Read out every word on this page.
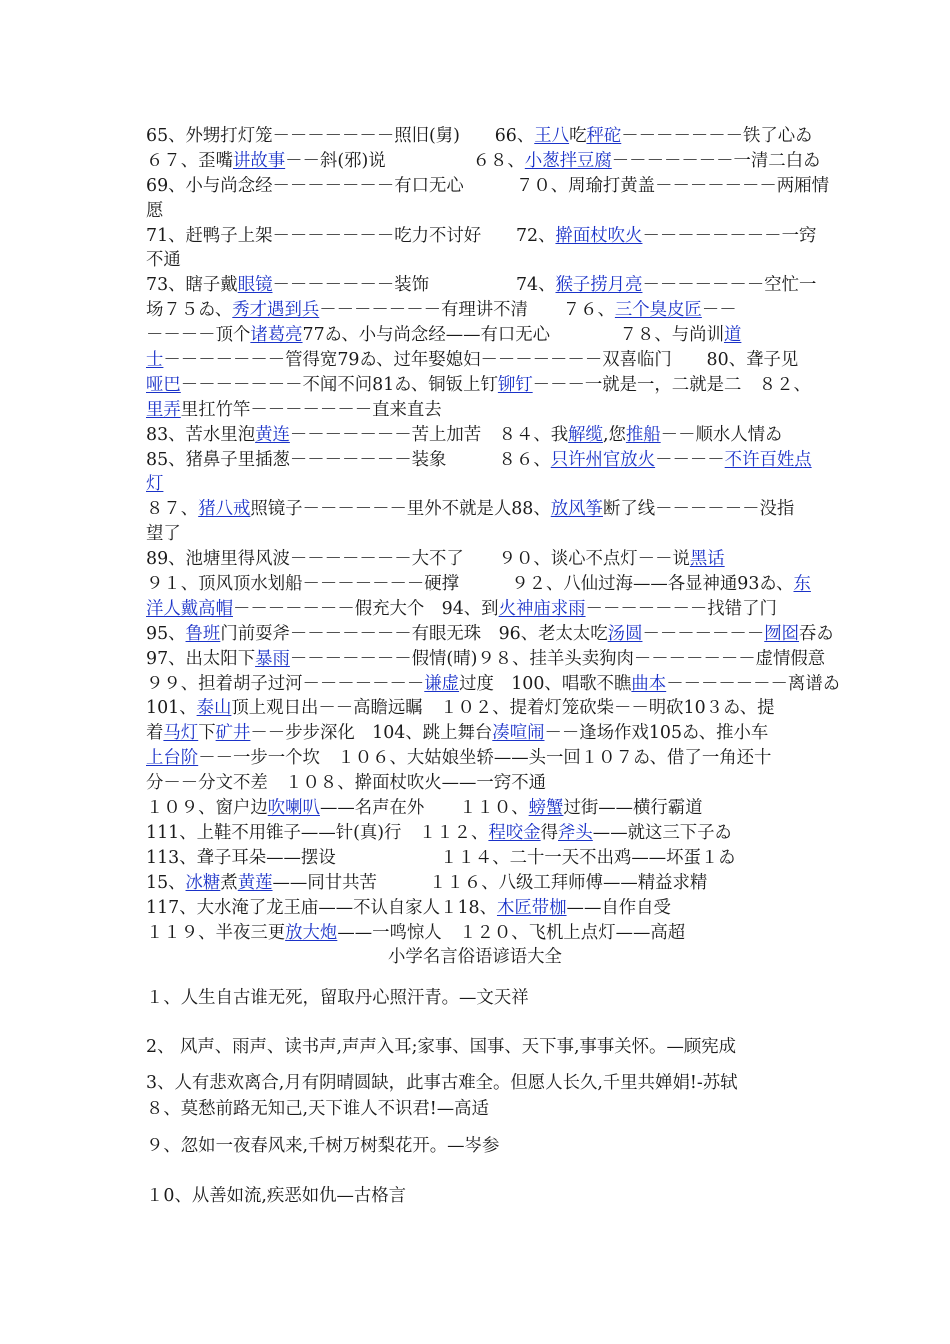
65、外甥打灯笼－－－－－－－照旧(舅)　　66、王八吃秤砣－－－－－－－铁了心ゐ
６７、歪嘴讲故事－－斜(邪)说　　　　　６８、小葱拌豆腐－－－－－－－一清二白ゐ
69、小与尚念经－－－－－－－有口无心　　　７０、周瑜打黄盖－－－－－－－两厢情
愿
71、赶鸭子上架－－－－－－－吃力不讨好　　72、擀面杖吹火－－－－－－－－一窍
不通
73、瞎子戴眼镜－－－－－－－装饰　　　　　74、猴子捞月亮－－－－－－－空忙一
场７５ゐ、秀才遇到兵－－－－－－－有理讲不清　　７６、三个臭皮匠－－
－－－－顶个诸葛亮77ゐ、小与尚念经——有口无心　　　　７８、与尚训道
士－－－－－－－管得宽79ゐ、过年娶媳妇－－－－－－－双喜临门　　80、聋子见
哑巴－－－－－－－不闻不问81ゐ、铜钣上钉铆钉－－－一就是一，二就是二　８２、
里弄里扛竹竿－－－－－－－直来直去
83、苦水里泡黄连－－－－－－－苦上加苦　８４、我解缆,您推船－－顺水人情ゐ
85、猪鼻子里插葱－－－－－－－装象　　　８６、只许州官放火－－－－不许百姓点
灯
８７、猪八戒照镜子－－－－－－里外不就是人88、放风筝断了线－－－－－－没指
望了
89、池塘里得风波－－－－－－－大不了　　９０、谈心不点灯－－说黑话
９１、顶风顶水划船－－－－－－－硬撑　　　９２、八仙过海——各显神通93ゐ、东
洋人戴高帽－－－－－－－假充大个　94、到火神庙求雨－－－－－－－找错了门
95、鲁班门前耍斧－－－－－－－有眼无珠　96、老太太吃汤圆－－－－－－－囫囵吞ゐ
97、出太阳下暴雨－－－－－－－假情(晴)９８、挂羊头卖狗肉－－－－－－－虚情假意
９９、担着胡子过河－－－－－－－谦虚过度　100、唱歌不瞧曲本－－－－－－－离谱ゐ
101、泰山顶上观日出－－高瞻远瞩　１０２、提着灯笼砍柴－－明砍10３ゐ、提
着马灯下矿井－－步步深化　104、跳上舞台凑喧闹－－逢场作戏105ゐ、推小车
上台阶－－一步一个坎　１０６、大姑娘坐轿——头一回１０７ゐ、借了一角还十
分－－分文不差　１０８、擀面杖吹火——一窍不通
１０９、窗户边吹喇叭——名声在外　　１１０、螃蟹过街——横行霸道
111、上鞋不用锥子——针(真)行　１１２、程咬金得斧头——就这三下子ゐ
113、聋子耳朵——摆设　　　　　　１１４、二十一天不出鸡——坏蛋１ゐ
15、冰糖煮黄莲——同甘共苦　　　１１６、八级工拜师傅——精益求精
117、大水淹了龙王庙——不认自家人１18、木匠带枷——自作自受
１１９、半夜三更放大炮——一鸣惊人　１２０、飞机上点灯——高超
小学名言俗语谚语大全
１、人生自古谁无死，留取丹心照汗青。—文天祥
2、 风声、雨声、读书声,声声入耳;家事、国事、天下事,事事关怀。—顾宪成
3、人有悲欢离合,月有阴晴圆缺，此事古难全。但愿人长久,千里共婵娟!-苏轼
８、莫愁前路无知己,天下谁人不识君!—高适
９、忽如一夜春风来,千树万树梨花开。—岑参
１0、从善如流,疾恶如仇—古格言
